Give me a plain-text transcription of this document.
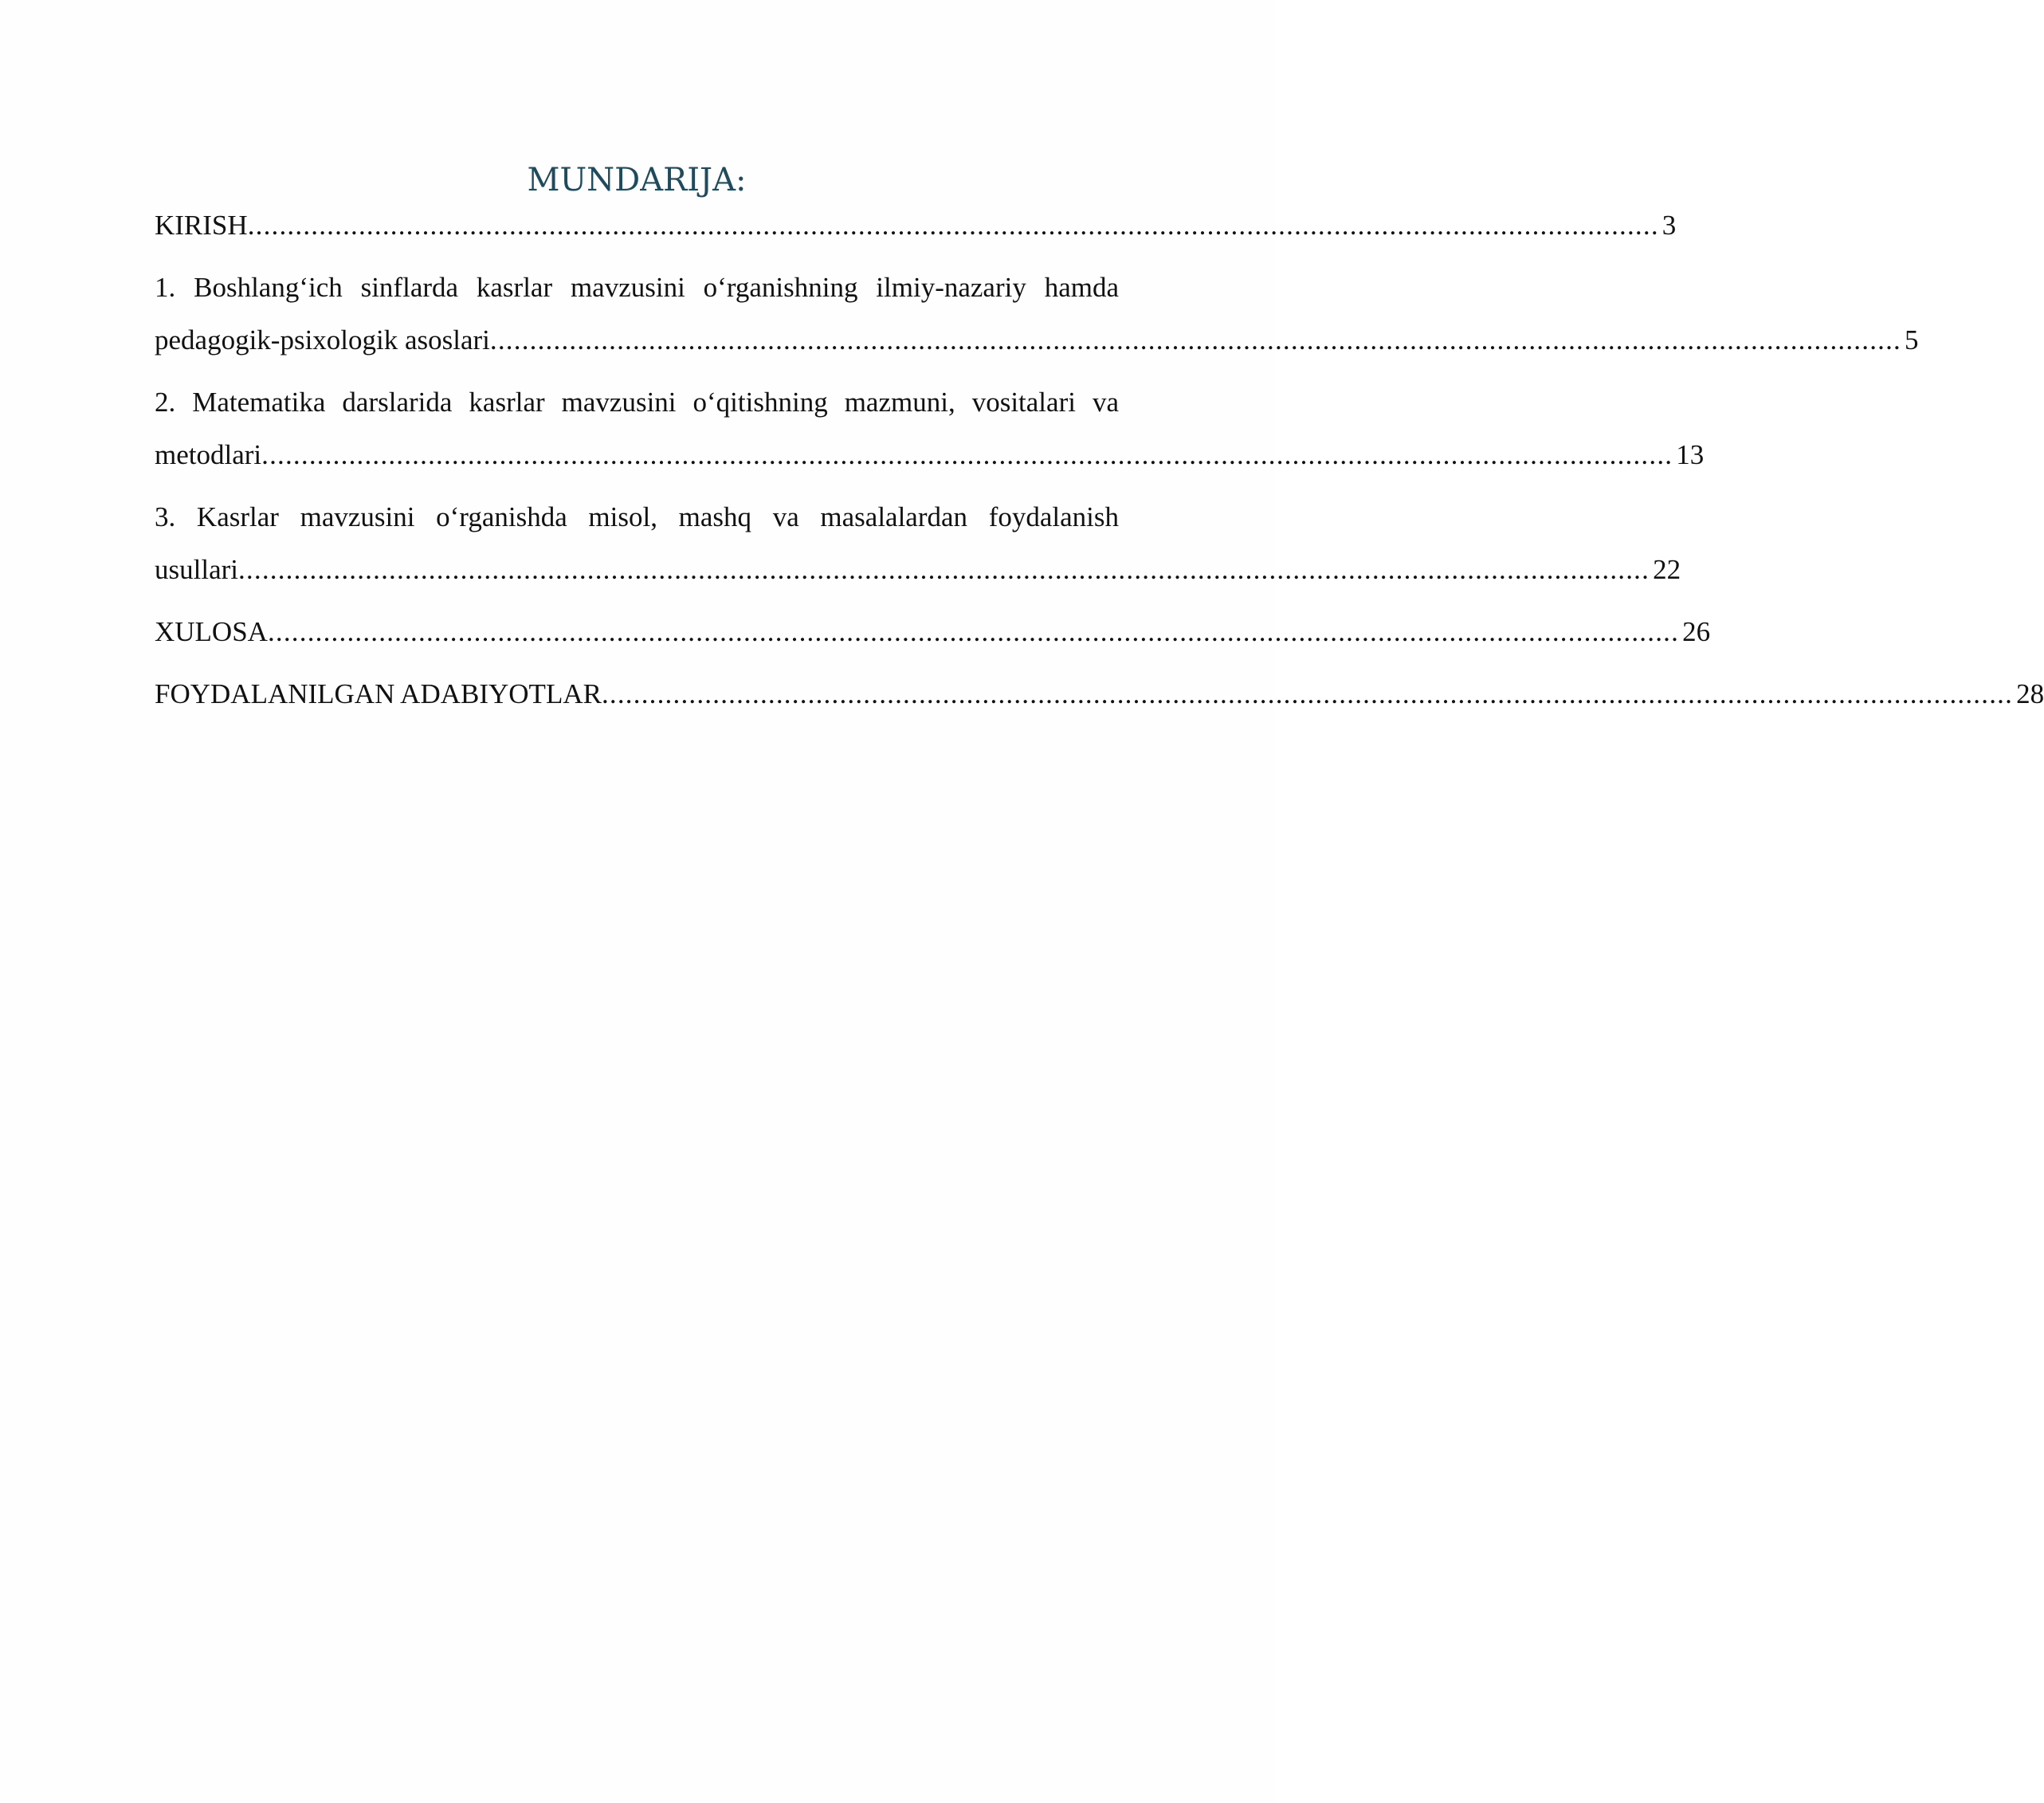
MUNDARIJA:
KIRISH .................................................................................................................................................................................. 3
1. Boshlang‘ich sinflarda kasrlar mavzusini o‘rganishning ilmiy-nazariy hamda
pedagogik-psixologik asoslari .................................................................................................................................................................................. 5
2. Matematika darslarida kasrlar mavzusini o‘qitishning mazmuni, vositalari va
metodlari .................................................................................................................................................................................. 13
3. Kasrlar mavzusini o‘rganishda misol, mashq va masalalardan foydalanish
usullari .................................................................................................................................................................................. 22
XULOSA .................................................................................................................................................................................. 26
FOYDALANILGAN ADABIYOTLAR .................................................................................................................................................................................. 28
